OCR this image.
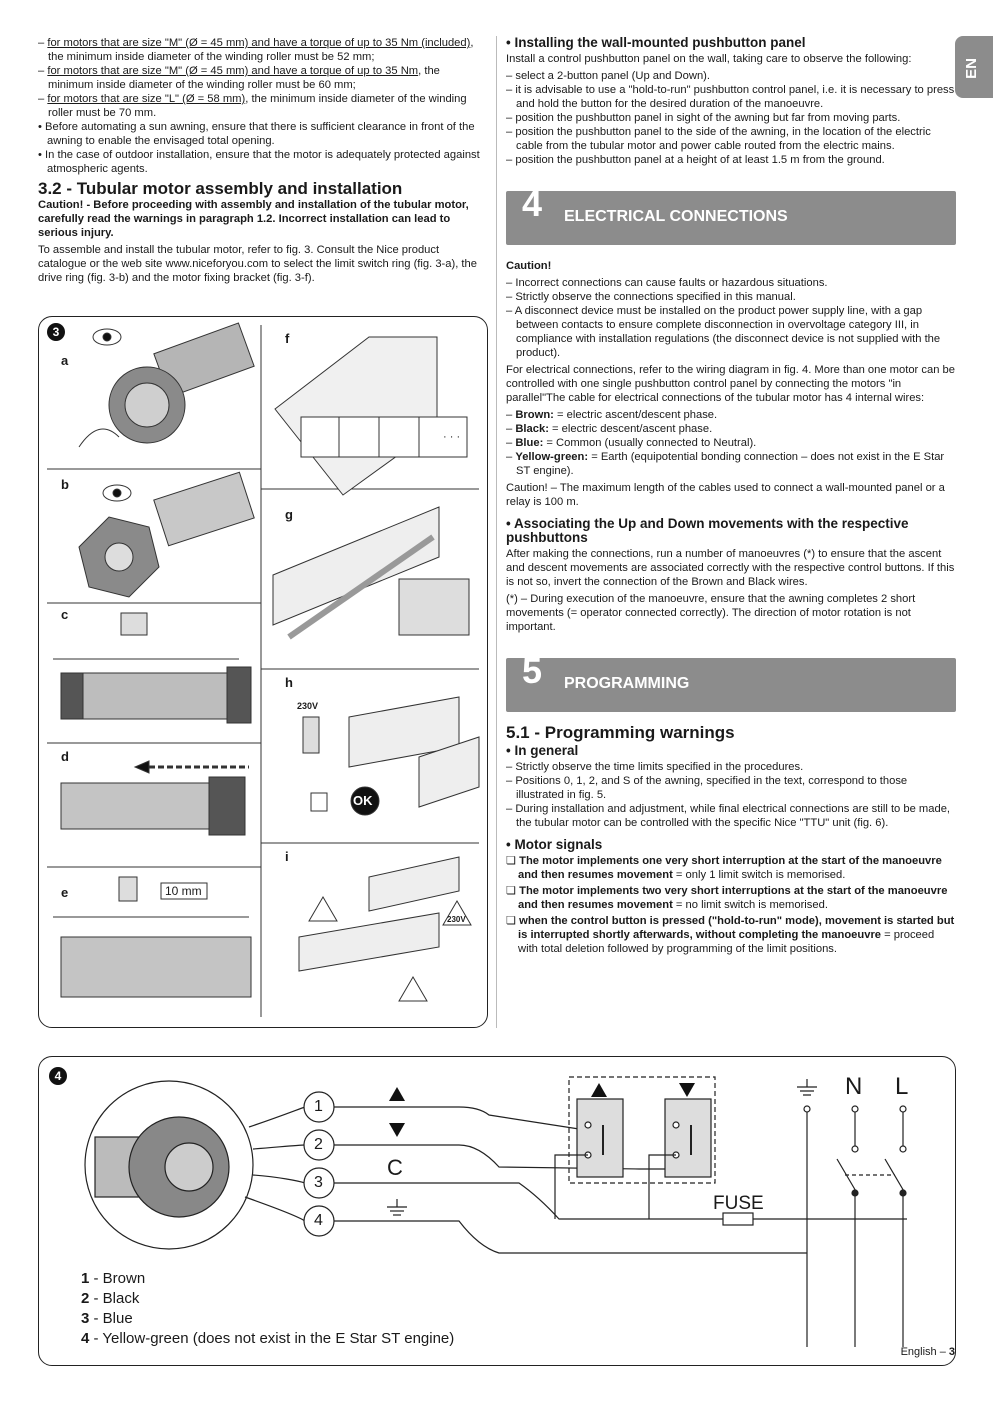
EN

– for motors that are size "M" (Ø = 45 mm) and have a torque of up to 35 Nm (included), the minimum inside diameter of the winding roller must be 52 mm;

– for motors that are size "M" (Ø = 45 mm) and have a torque of up to 35 Nm, the minimum inside diameter of the winding roller must be 60 mm;

– for motors that are size "L" (Ø = 58 mm), the minimum inside diameter of the winding roller must be 70 mm.

• Before automating a sun awning, ensure that there is sufficient clearance in front of the awning to enable the envisaged total opening.

• In the case of outdoor installation, ensure that the motor is adequately protected against atmospheric agents.

3.2 - Tubular motor assembly and installation

Caution! - Before proceeding with assembly and installation of the tubular motor, carefully read the warnings in paragraph 1.2. Incorrect installation can lead to serious injury.

To assemble and install the tubular motor, refer to fig. 3. Consult the Nice product catalogue or the web site www.niceforyou.com to select the limit switch ring (fig. 3-a), the drive ring (fig. 3-b) and the motor fixing bracket (fig. 3-f).

3
a
b
c
d
e
f
g
h
i
10 mm
230V
230V
OK
· · ·
• Installing the wall-mounted pushbutton panel

Install a control pushbutton panel on the wall, taking care to observe the following:

– select a 2-button panel (Up and Down).

– it is advisable to use a "hold-to-run" pushbutton control panel, i.e. it is necessary to press and hold the button for the desired duration of the manoeuvre.

– position the pushbutton panel in sight of the awning but far from moving parts.

– position the pushbutton panel to the side of the awning, in the location of the electric cable from the tubular motor and power cable routed from the electric mains.

– position the pushbutton panel at a height of at least 1.5 m from the ground.

4 ELECTRICAL CONNECTIONS

Caution!

– Incorrect connections can cause faults or hazardous situations.

– Strictly observe the connections specified in this manual.

– A disconnect device must be installed on the product power supply line, with a gap between contacts to ensure complete disconnection in overvoltage category III, in compliance with installation regulations (the disconnect device is not supplied with the product).

For electrical connections, refer to the wiring diagram in fig. 4. More than one motor can be controlled with one single pushbutton control panel by connecting the motors "in parallel"The cable for electrical connections of the tubular motor has 4 internal wires:

– Brown: = electric ascent/descent phase.

– Black: = electric descent/ascent phase.

– Blue: = Common (usually connected to Neutral).

– Yellow-green: = Earth (equipotential bonding connection – does not exist in the E Star ST engine).

Caution! – The maximum length of the cables used to connect a wall-mounted panel or a relay is 100 m.

• Associating the Up and Down movements with the respective pushbuttons

After making the connections, run a number of manoeuvres (*) to ensure that the ascent and descent movements are associated correctly with the respective control buttons. If this is not so, invert the connection of the Brown and Black wires.

(*) – During execution of the manoeuvre, ensure that the awning completes 2 short movements (= operator connected correctly). The direction of motor rotation is not important.

5 PROGRAMMING
5.1 - Programming warnings
• In general

– Strictly observe the time limits specified in the procedures.

– Positions 0, 1, 2, and S of the awning, specified in the text, correspond to those illustrated in fig. 5.

– During installation and adjustment, while final electrical connections are still to be made, the tubular motor can be controlled with the specific Nice "TTU" unit (fig. 6).

• Motor signals

❏ The motor implements one very short interruption at the start of the manoeuvre and then resumes movement = only 1 limit switch is memorised.

❏ The motor implements two very short interruptions at the start of the manoeuvre and then resumes movement = no limit switch is memorised.

❏ when the control button is pressed ("hold-to-run" mode), movement is started but is interrupted shortly afterwards, without completing the manoeuvre = proceed with total deletion followed by programming of the limit positions.

4
1
2
3
4
C
N L
FUSE
1 - Brown
2 - Black
3 - Blue
4 - Yellow-green (does not exist in the E Star ST engine)
English – 3
